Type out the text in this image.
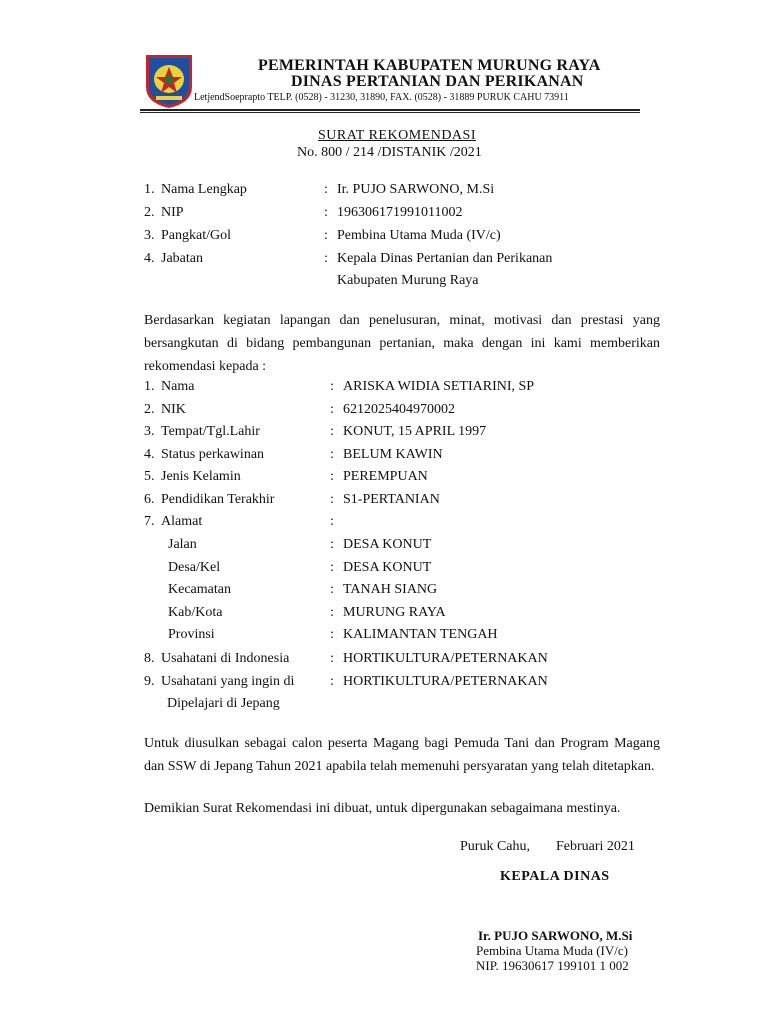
PEMERINTAH KABUPATEN MURUNG RAYA
DINAS PERTANIAN DAN PERIKANAN
LetjendSoeprapto TELP. (0528) - 31230, 31890, FAX. (0528) - 31889 PURUK CAHU 73911
SURAT REKOMENDASI
No. 800 / 214 /DISTANIK /2021
1. Nama Lengkap	: Ir. PUJO SARWONO, M.Si
2. NIP	: 196306171991011002
3. Pangkat/Gol	: Pembina Utama Muda (IV/c)
4. Jabatan	: Kepala Dinas Pertanian dan Perikanan
Kabupaten Murung Raya
Berdasarkan kegiatan lapangan dan penelusuran, minat, motivasi dan prestasi yang bersangkutan di bidang pembangunan pertanian, maka dengan ini kami memberikan rekomendasi kepada :
1. Nama	: ARISKA WIDIA SETIARINI, SP
2. NIK	: 6212025404970002
3. Tempat/Tgl.Lahir	: KONUT, 15 APRIL 1997
4. Status perkawinan	: BELUM KAWIN
5. Jenis Kelamin	: PEREMPUAN
6. Pendidikan Terakhir	: S1-PERTANIAN
7. Alamat	:
Jalan	: DESA KONUT
Desa/Kel	: DESA KONUT
Kecamatan	: TANAH SIANG
Kab/Kota	: MURUNG RAYA
Provinsi	: KALIMANTAN TENGAH
8. Usahatani di Indonesia	: HORTIKULTURA/PETERNAKAN
9. Usahatani yang ingin di	: HORTIKULTURA/PETERNAKAN
Dipelajari di Jepang
Untuk diusulkan sebagai calon peserta Magang bagi Pemuda Tani dan Program Magang dan SSW di Jepang Tahun 2021 apabila telah memenuhi persyaratan yang telah ditetapkan.
Demikian Surat Rekomendasi ini dibuat, untuk dipergunakan sebagaimana mestinya.
Puruk Cahu, Februari 2021
KEPALA DINAS
Ir. PUJO SARWONO, M.Si
Pembina Utama Muda (IV/c)
NIP. 19630617 199101 1 002
